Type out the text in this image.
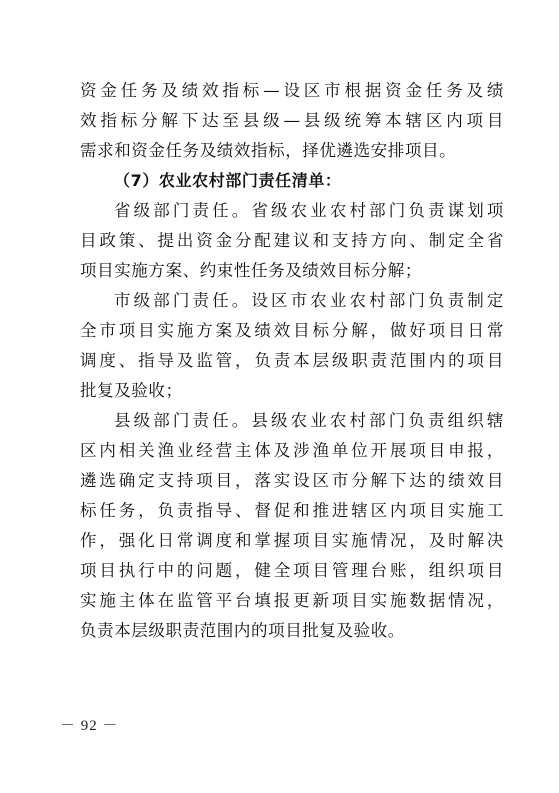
资金任务及绩效指标—设区市根据资金任务及绩
效指标分解下达至县级—县级统筹本辖区内项目
需求和资金任务及绩效指标，择优遴选安排项目。
（7）农业农村部门责任清单：
省级部门责任。省级农业农村部门负责谋划项
目政策、提出资金分配建议和支持方向、制定全省
项目实施方案、约束性任务及绩效目标分解；
市级部门责任。设区市农业农村部门负责制定
全市项目实施方案及绩效目标分解，做好项目日常
调度、指导及监管，负责本层级职责范围内的项目
批复及验收；
县级部门责任。县级农业农村部门负责组织辖
区内相关渔业经营主体及涉渔单位开展项目申报，
遴选确定支持项目，落实设区市分解下达的绩效目
标任务，负责指导、督促和推进辖区内项目实施工
作，强化日常调度和掌握项目实施情况，及时解决
项目执行中的问题，健全项目管理台账，组织项目
实施主体在监管平台填报更新项目实施数据情况，
负责本层级职责范围内的项目批复及验收。
－ 92 －
